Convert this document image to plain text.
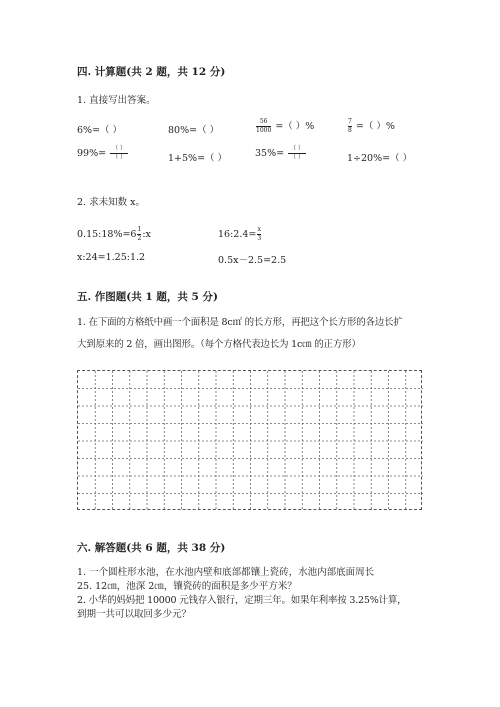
四. 计算题(共 2 题，共 12 分)
1. 直接写出答案。
6%=（ ）	80%=（ ）	$\frac{56}{1000}$ =（ ）%	$\frac{7}{8}$ =（ ）%
$99\%= \frac{( )}{( )}$	1+5%=（ ）	$35\%= \frac{( )}{( )}$	1÷20%=（ ）
2. 求未知数 x。
0.15:18%=6 $\frac{1}{2}$ :x	16:2.4= $\frac{x}{3}$
x:24=1.25:1.2	0.5x－2.5=2.5
五. 作图题(共 1 题，共 5 分)
1. 在下面的方格纸中画一个面积是 8c㎡ 的长方形，再把这个长方形的各边长扩
大到原来的 2 倍，画出图形。（每个方格代表边长为 1c㎝ 的正方形）
六. 解答题(共 6 题，共 38 分)
1. 一个圆柱形水池，在水池内壁和底部都镶上瓷砖，水池内部底面周长
25. 12㎝，池深 2㎝，镶瓷砖的面积是多少平方米？
2. 小华的妈妈把 10000 元钱存入银行，定期三年。如果年利率按 3.25%计算，
到期一共可以取回多少元？
